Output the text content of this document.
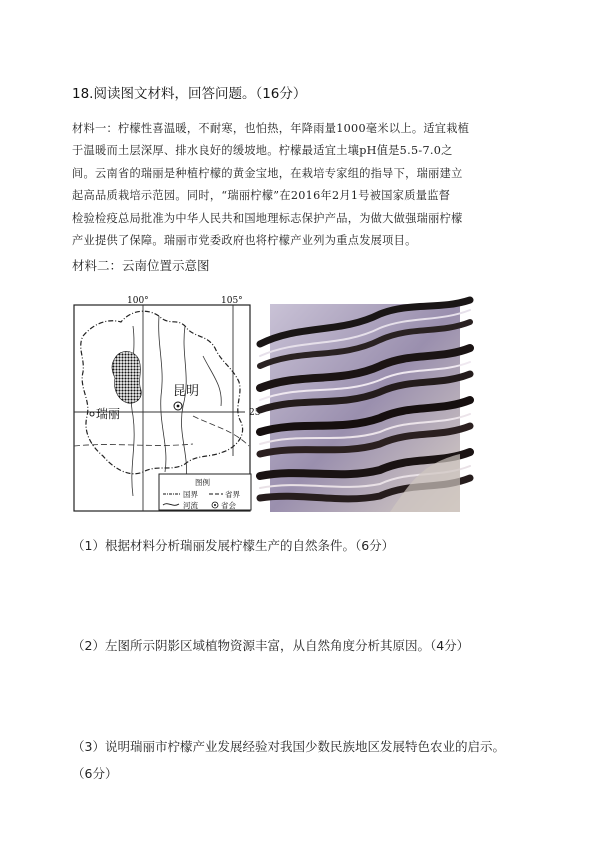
18.阅读图文材料，回答问题。（16分）
材料一：柠檬性喜温暖，不耐寒，也怕热，年降雨量1000毫米以上。适宜栽植
于温暖而土层深厚、排水良好的缓坡地。柠檬最适宜土壤pH值是5.5-7.0之
间。云南省的瑞丽是种植柠檬的黄金宝地，在栽培专家组的指导下，瑞丽建立
起高品质栽培示范园。同时，“瑞丽柠檬”在2016年2月1号被国家质量监督
检验检疫总局批准为中华人民共和国地理标志保护产品，为做大做强瑞丽柠檬
产业提供了保障。瑞丽市党委政府也将柠檬产业列为重点发展项目。
材料二：云南位置示意图
100°	105°
25°
昆明
瑞丽
图例
国界	省界
河流	省会
（1）根据材料分析瑞丽发展柠檬生产的自然条件。（6分）
（2）左图所示阴影区域植物资源丰富，从自然角度分析其原因。（4分）
（3）说明瑞丽市柠檬产业发展经验对我国少数民族地区发展特色农业的启示。
（6分）
